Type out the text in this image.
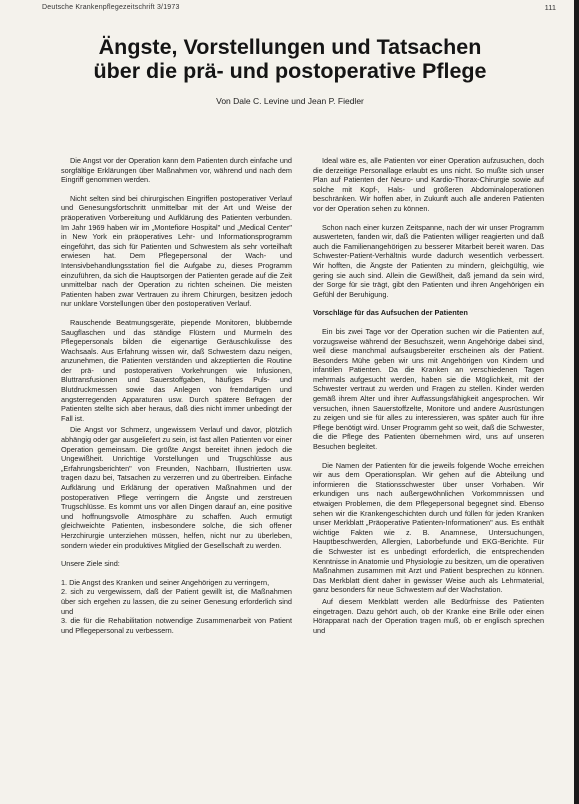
Deutsche Krankenpflegezeitschrift 3/1973	111
Ängste, Vorstellungen und Tatsachen
über die prä- und postoperative Pflege
Von Dale C. Levine und Jean P. Fiedler

Die Angst vor der Operation kann dem Patienten durch einfache und sorgfältige Erklärungen über Maßnahmen vor, während und nach dem Eingriff genommen werden.

Nicht selten sind bei chirurgischen Eingriffen postoperativer Verlauf und Genesungsfortschritt unmittelbar mit der Art und Weise der präoperativen Vorbereitung und Aufklärung des Patienten verbunden. Im Jahr 1969 haben wir im „Montefiore Hospital" und „Medical Center" in New York ein präoperatives Lehr- und Informationsprogramm eingeführt, das sich für Patienten und Schwestern als sehr vorteilhaft erwiesen hat. Dem Pflegepersonal der Wach- und Intensivbehandlungsstation fiel die Aufgabe zu, dieses Programm einzuführen, da sich die Hauptsorgen der Patienten gerade auf die Zeit unmittelbar nach der Operation zu richten scheinen. Die meisten Patienten haben zwar Vertrauen zu ihrem Chirurgen, besitzen jedoch nur unklare Vorstellungen über den postoperativen Verlauf.

Rauschende Beatmungsgeräte, piepende Monitoren, blubbernde Saugflaschen und das ständige Flüstern und Murmeln des Pflegepersonals bilden die eigenartige Geräuschkulisse des Wachsaals. Aus Erfahrung wissen wir, daß Schwestern dazu neigen, anzunehmen, die Patienten verständen und akzeptierten die Routine der prä- und postoperativen Vorkehrungen wie Infusionen, Bluttransfusionen und Sauerstoffgaben, häufiges Puls- und Blutdruckmessen sowie das Anlegen von fremdartigen und angsterregenden Apparaturen usw. Durch spätere Befragen der Patienten stellte sich aber heraus, daß dies nicht immer unbedingt der Fall ist.

Die Angst vor Schmerz, ungewissem Verlauf und davor, plötzlich abhängig oder gar ausgeliefert zu sein, ist fast allen Patienten vor einer Operation gemeinsam. Die größte Angst bereitet ihnen jedoch die Ungewißheit. Unrichtige Vorstellungen und Trugschlüsse aus „Erfahrungsberichten" von Freunden, Nachbarn, Illustrierten usw. tragen dazu bei, Tatsachen zu verzerren und zu übertreiben. Einfache Aufklärung und Erklärung der operativen Maßnahmen und der postoperativen Pflege verringern die Ängste und zerstreuen Trugschlüsse. Es kommt uns vor allen Dingen darauf an, eine positive und hoffnungsvolle Atmosphäre zu schaffen. Auch ermutigt gleichweichte Patienten, insbesondere solche, die sich offener Herzchirurgie unterziehen müssen, helfen, nicht nur zu überleben, sondern wieder ein produktives Mitglied der Gesellschaft zu werden.

Unsere Ziele sind:

1. Die Angst des Kranken und seiner Angehörigen zu verringern,
2. sich zu vergewissern, daß der Patient gewillt ist, die Maßnahmen über sich ergehen zu lassen, die zu seiner Genesung erforderlich sind und
3. die für die Rehabilitation notwendige Zusammenarbeit von Patient und Pflegepersonal zu verbessern.

Ideal wäre es, alle Patienten vor einer Operation aufzusuchen, doch die derzeitige Personallage erlaubt es uns nicht. So mußte sich unser Plan auf Patienten der Neuro- und Kardio-Thorax-Chirurgie sowie auf solche mit Kopf-, Hals- und größeren Abdominaloperationen beschränken. Wir hoffen aber, in Zukunft auch alle anderen Patienten vor der Operation sehen zu können.

Schon nach einer kurzen Zeitspanne, nach der wir unser Programm auswerteten, fanden wir, daß die Patienten williger reagierten und daß auch die Familienangehörigen zu besserer Mitarbeit bereit waren. Das Schwester-Patient-Verhältnis wurde dadurch wesentlich verbessert. Wir hofften, die Ängste der Patienten zu mindern, gleichgültig, wie gering sie auch sind. Allein die Gewißheit, daß jemand da sein wird, der Sorge für sie trägt, gibt den Patienten und ihren Angehörigen ein Gefühl der Beruhigung.

Vorschläge für das Aufsuchen der Patienten

Ein bis zwei Tage vor der Operation suchen wir die Patienten auf, vorzugsweise während der Besuchszeit, wenn Angehörige dabei sind, weil diese manchmal aufsaugsbereiter erscheinen als der Patient. Besonders Mühe geben wir uns mit Angehörigen von Kindern und infantilen Patienten. Da die Kranken an verschiedenen Tagen mehrmals aufgesucht werden, haben sie die Möglichkeit, mit der Schwester vertraut zu werden und Fragen zu stellen. Kinder werden gemäß ihrem Alter und ihrer Auffassungsfähigkeit angesprochen. Wir versuchen, ihnen Sauerstoffzelte, Monitore und andere Ausrüstungen zu zeigen und sie für alles zu interessieren, was später auch für ihre Pflege benötigt wird. Unser Programm geht so weit, daß die Schwester, die die Pflege des Patienten übernehmen wird, uns auf unseren Besuchen begleitet.

Die Namen der Patienten für die jeweils folgende Woche erreichen wir aus dem Operationsplan. Wir gehen auf die Abteilung und informieren die Stationsschwester über unser Vorhaben. Wir erkundigen uns nach außergewöhnlichen Vorkommnissen und etwaigen Problemen, die dem Pflegepersonal begegnet sind. Ebenso sehen wir die Krankengeschichten durch und füllen für jeden Kranken unser Merkblatt „Präoperative Patienten-Informationen" aus. Es enthält wichtige Fakten wie z. B. Anamnese, Untersuchungen, Hauptbeschwerden, Allergien, Laborbefunde und EKG-Berichte. Für die Schwester ist es unbedingt erforderlich, die entsprechenden Kenntnisse in Anatomie und Physiologie zu besitzen, um die operativen Maßnahmen zusammen mit Arzt und Patient besprechen zu können. Das Merkblatt dient daher in gewisser Weise auch als Lehrmaterial, ganz besonders für neue Schwestern auf der Wachstation.

Auf diesem Merkblatt werden alle Bedürfnisse des Patienten eingetragen. Dazu gehört auch, ob der Kranke eine Brille oder einen Hörapparat nach der Operation tragen muß, ob er englisch sprechen und
